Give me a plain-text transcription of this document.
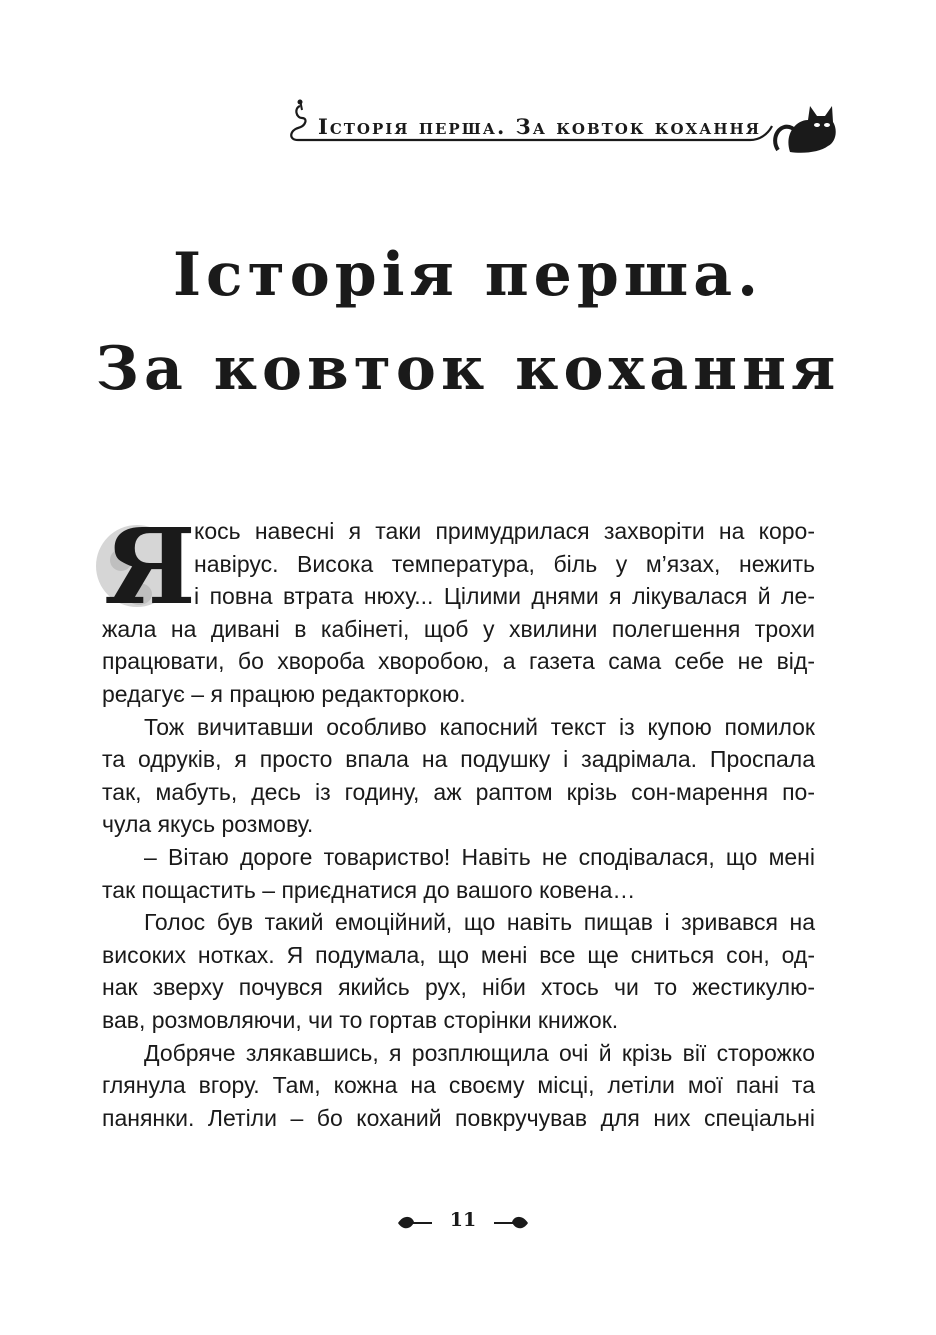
Історія перша. За ковток кохання
Історія перша.
За ковток кохання
Я

кось навесні я таки примудрилася захворіти на коро-
навірус. Висока температура, біль у м’язах, нежить
і повна втрата нюху... Цілими днями я лікувалася й ле-
жала на дивані в кабінеті, щоб у хвилини полегшення трохи
працювати, бо хвороба хворобою, а газета сама себе не від-
редагує – я працюю редакторкою.

Тож вичитавши особливо капосний текст із купою помилок
та одруків, я просто впала на подушку і задрімала. Проспала
так, мабуть, десь із годину, аж раптом крізь сон-марення по-
чула якусь розмову.

– Вітаю дороге товариство! Навіть не сподівалася, що мені
так пощастить – приєднатися до вашого ковена…

Голос був такий емоційний, що навіть пищав і зривався на
високих нотках. Я подумала, що мені все ще сниться сон, од-
нак зверху почувся якийсь рух, ніби хтось чи то жестикулю-
вав, розмовляючи, чи то гортав сторінки книжок.

Добряче злякавшись, я розплющила очі й крізь вії сторожко
глянула вгору. Там, кожна на своєму місці, летіли мої пані та
панянки. Летіли – бо коханий повкручував для них спеціальні

11
